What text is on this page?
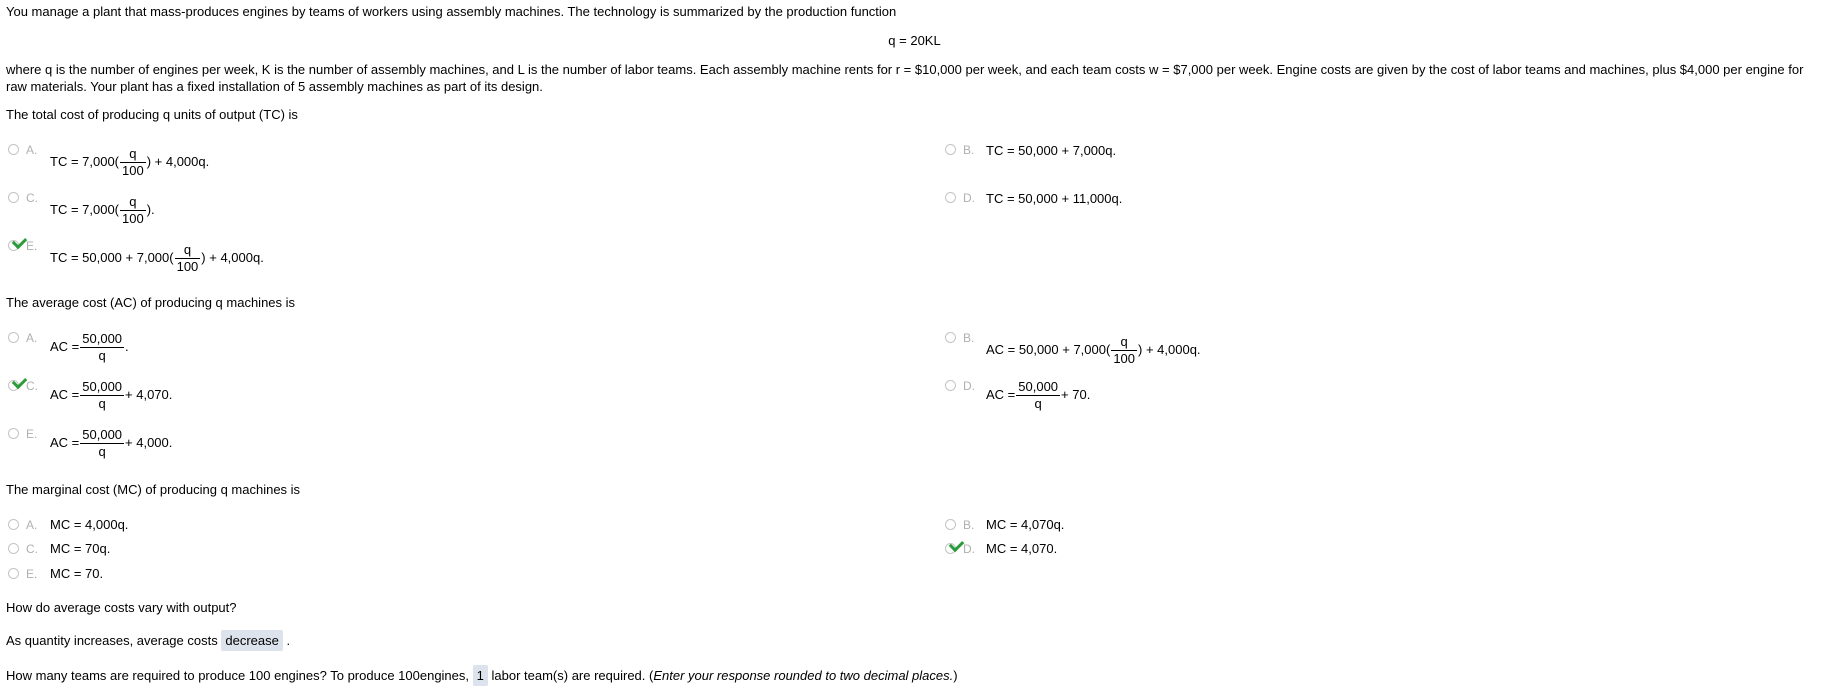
You manage a plant that mass-produces engines by teams of workers using assembly machines. The technology is summarized by the production function
q = 20KL
where q is the number of engines per week, K is the number of assembly machines, and L is the number of labor teams. Each assembly machine rents for r = $10,000 per week, and each team costs w = $7,000 per week. Engine costs are given by the cost of labor teams and machines, plus $4,000 per engine for raw materials. Your plant has a fixed installation of 5 assembly machines as part of its design.
The total cost of producing q units of output (TC) is
A.
TC = $7,000( \frac{q}{100}$ ) + 4,000q.
B. TC = 50,000 + 7,000q.
C.
TC = $7,000( \frac{q}{100}$ ).
D. TC = 50,000 + 11,000q.
E.
TC = $50,000 + 7,000( \frac{q}{100}$ ) + 4,000q.
The average cost (AC) of producing q machines is
A.
AC = $\frac{50,000}{q}$ .
B.
AC = $50,000 + 7,000( \frac{q}{100}$ ) + 4,000q.
C.
AC = $\frac{50,000}{q} + 4,070$.
D.
AC = $\frac{50,000}{q} + 70$.
E.
AC = $\frac{50,000}{q} + 4,000$.
The marginal cost (MC) of producing q machines is
A. MC = 4,000q.	B. MC = 4,070q.
C. MC = 70q.	D. MC = 4,070.
E. MC = 70.
How do average costs vary with output?
As quantity increases, average costs decrease .
How many teams are required to produce 100 engines? To produce 100engines, 1 labor team(s) are required. (Enter your response rounded to two decimal places.)
